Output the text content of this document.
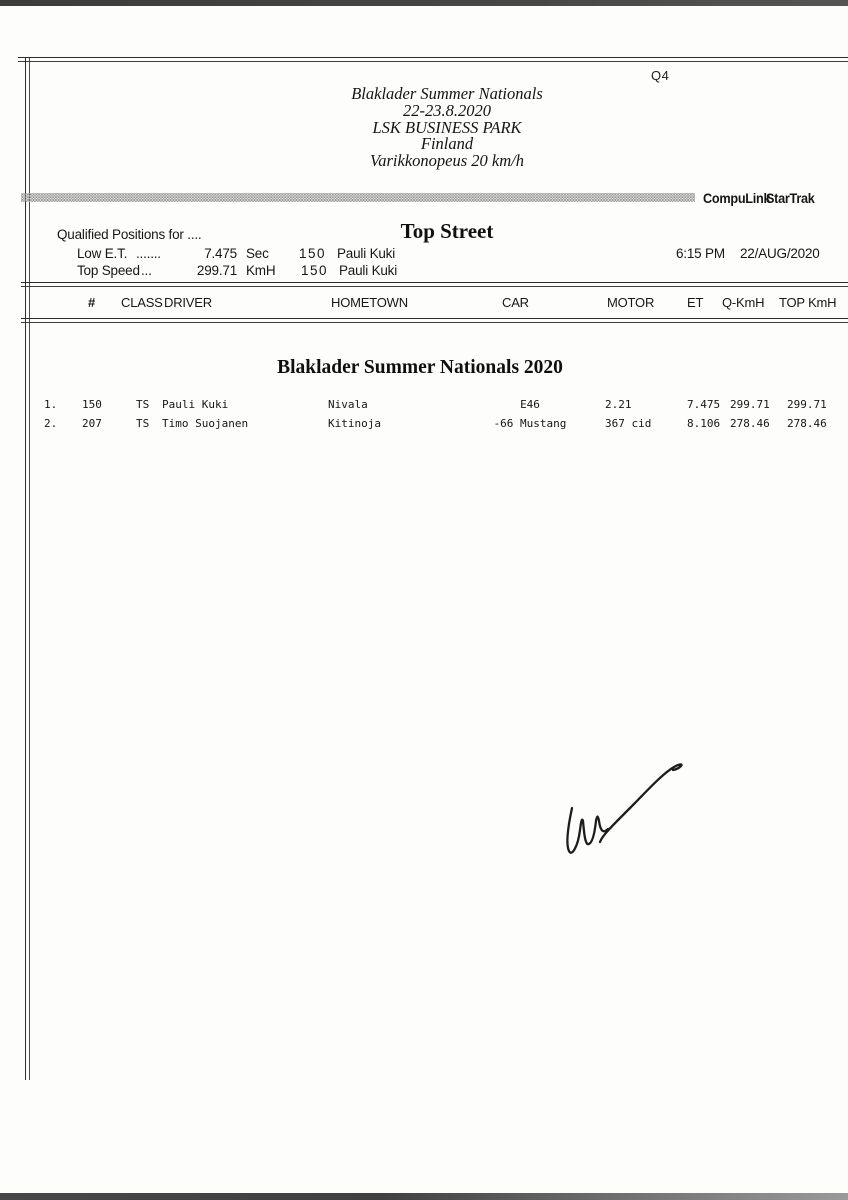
Q4
Blaklader Summer Nationals
22-23.8.2020
LSK BUSINESS PARK
Finland
Varikkonopeus 20 km/h
CompuLink
StarTrak
Qualified Positions for ....	Top Street
Low E.T. .......	7.475 Sec 150 Pauli Kuki	6:15 PM 22/AUG/2020
Top Speed ...	299.71 KmH 150 Pauli Kuki
# CLASS DRIVER	HOMETOWN	CAR	MOTOR	ET Q-KmH TOP KmH
Blaklader Summer Nationals 2020
1. 150	TS Pauli Kuki	Nivala	E46	2.21	7.475 299.71 299.71
2. 207	TS Timo Suojanen	Kitinoja	-66 Mustang	367 cid	8.106 278.46 278.46
